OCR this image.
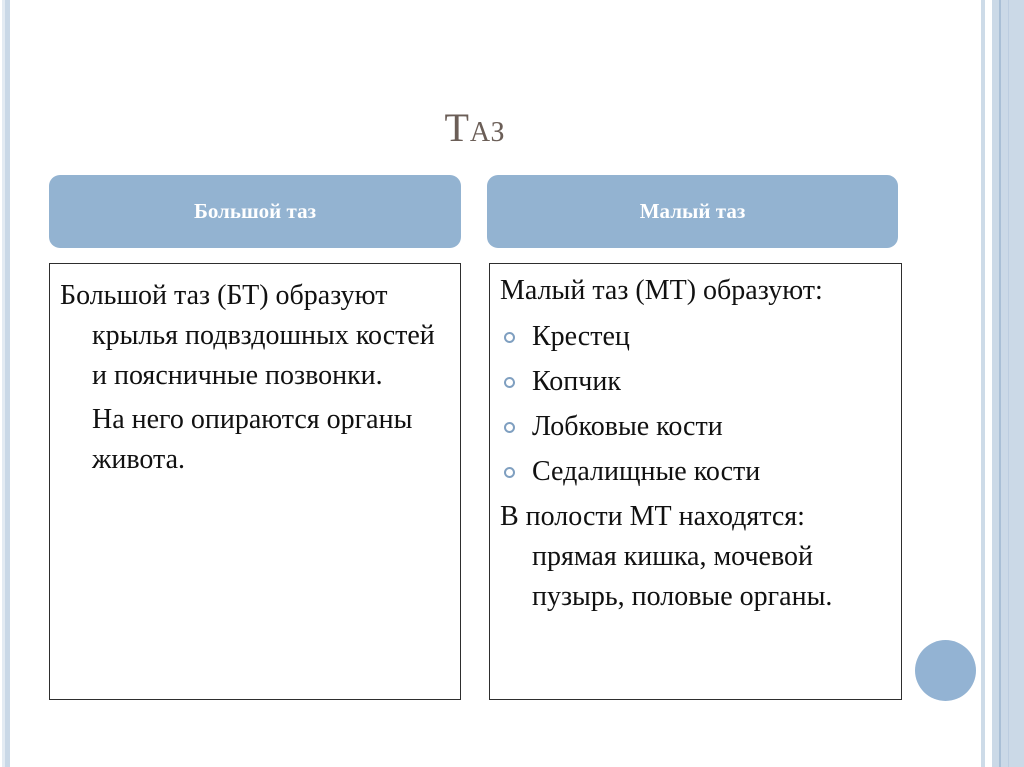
Таз
Большой таз	Малый таз

Большой таз (БТ) образуют крылья подвздошных костей и поясничные позвонки.

На него опираются органы живота.

Малый таз (МТ) образуют:

Крестец
Копчик
Лобковые кости
Седалищные кости

В полости МТ находятся: прямая кишка, мочевой пузырь, половые органы.
